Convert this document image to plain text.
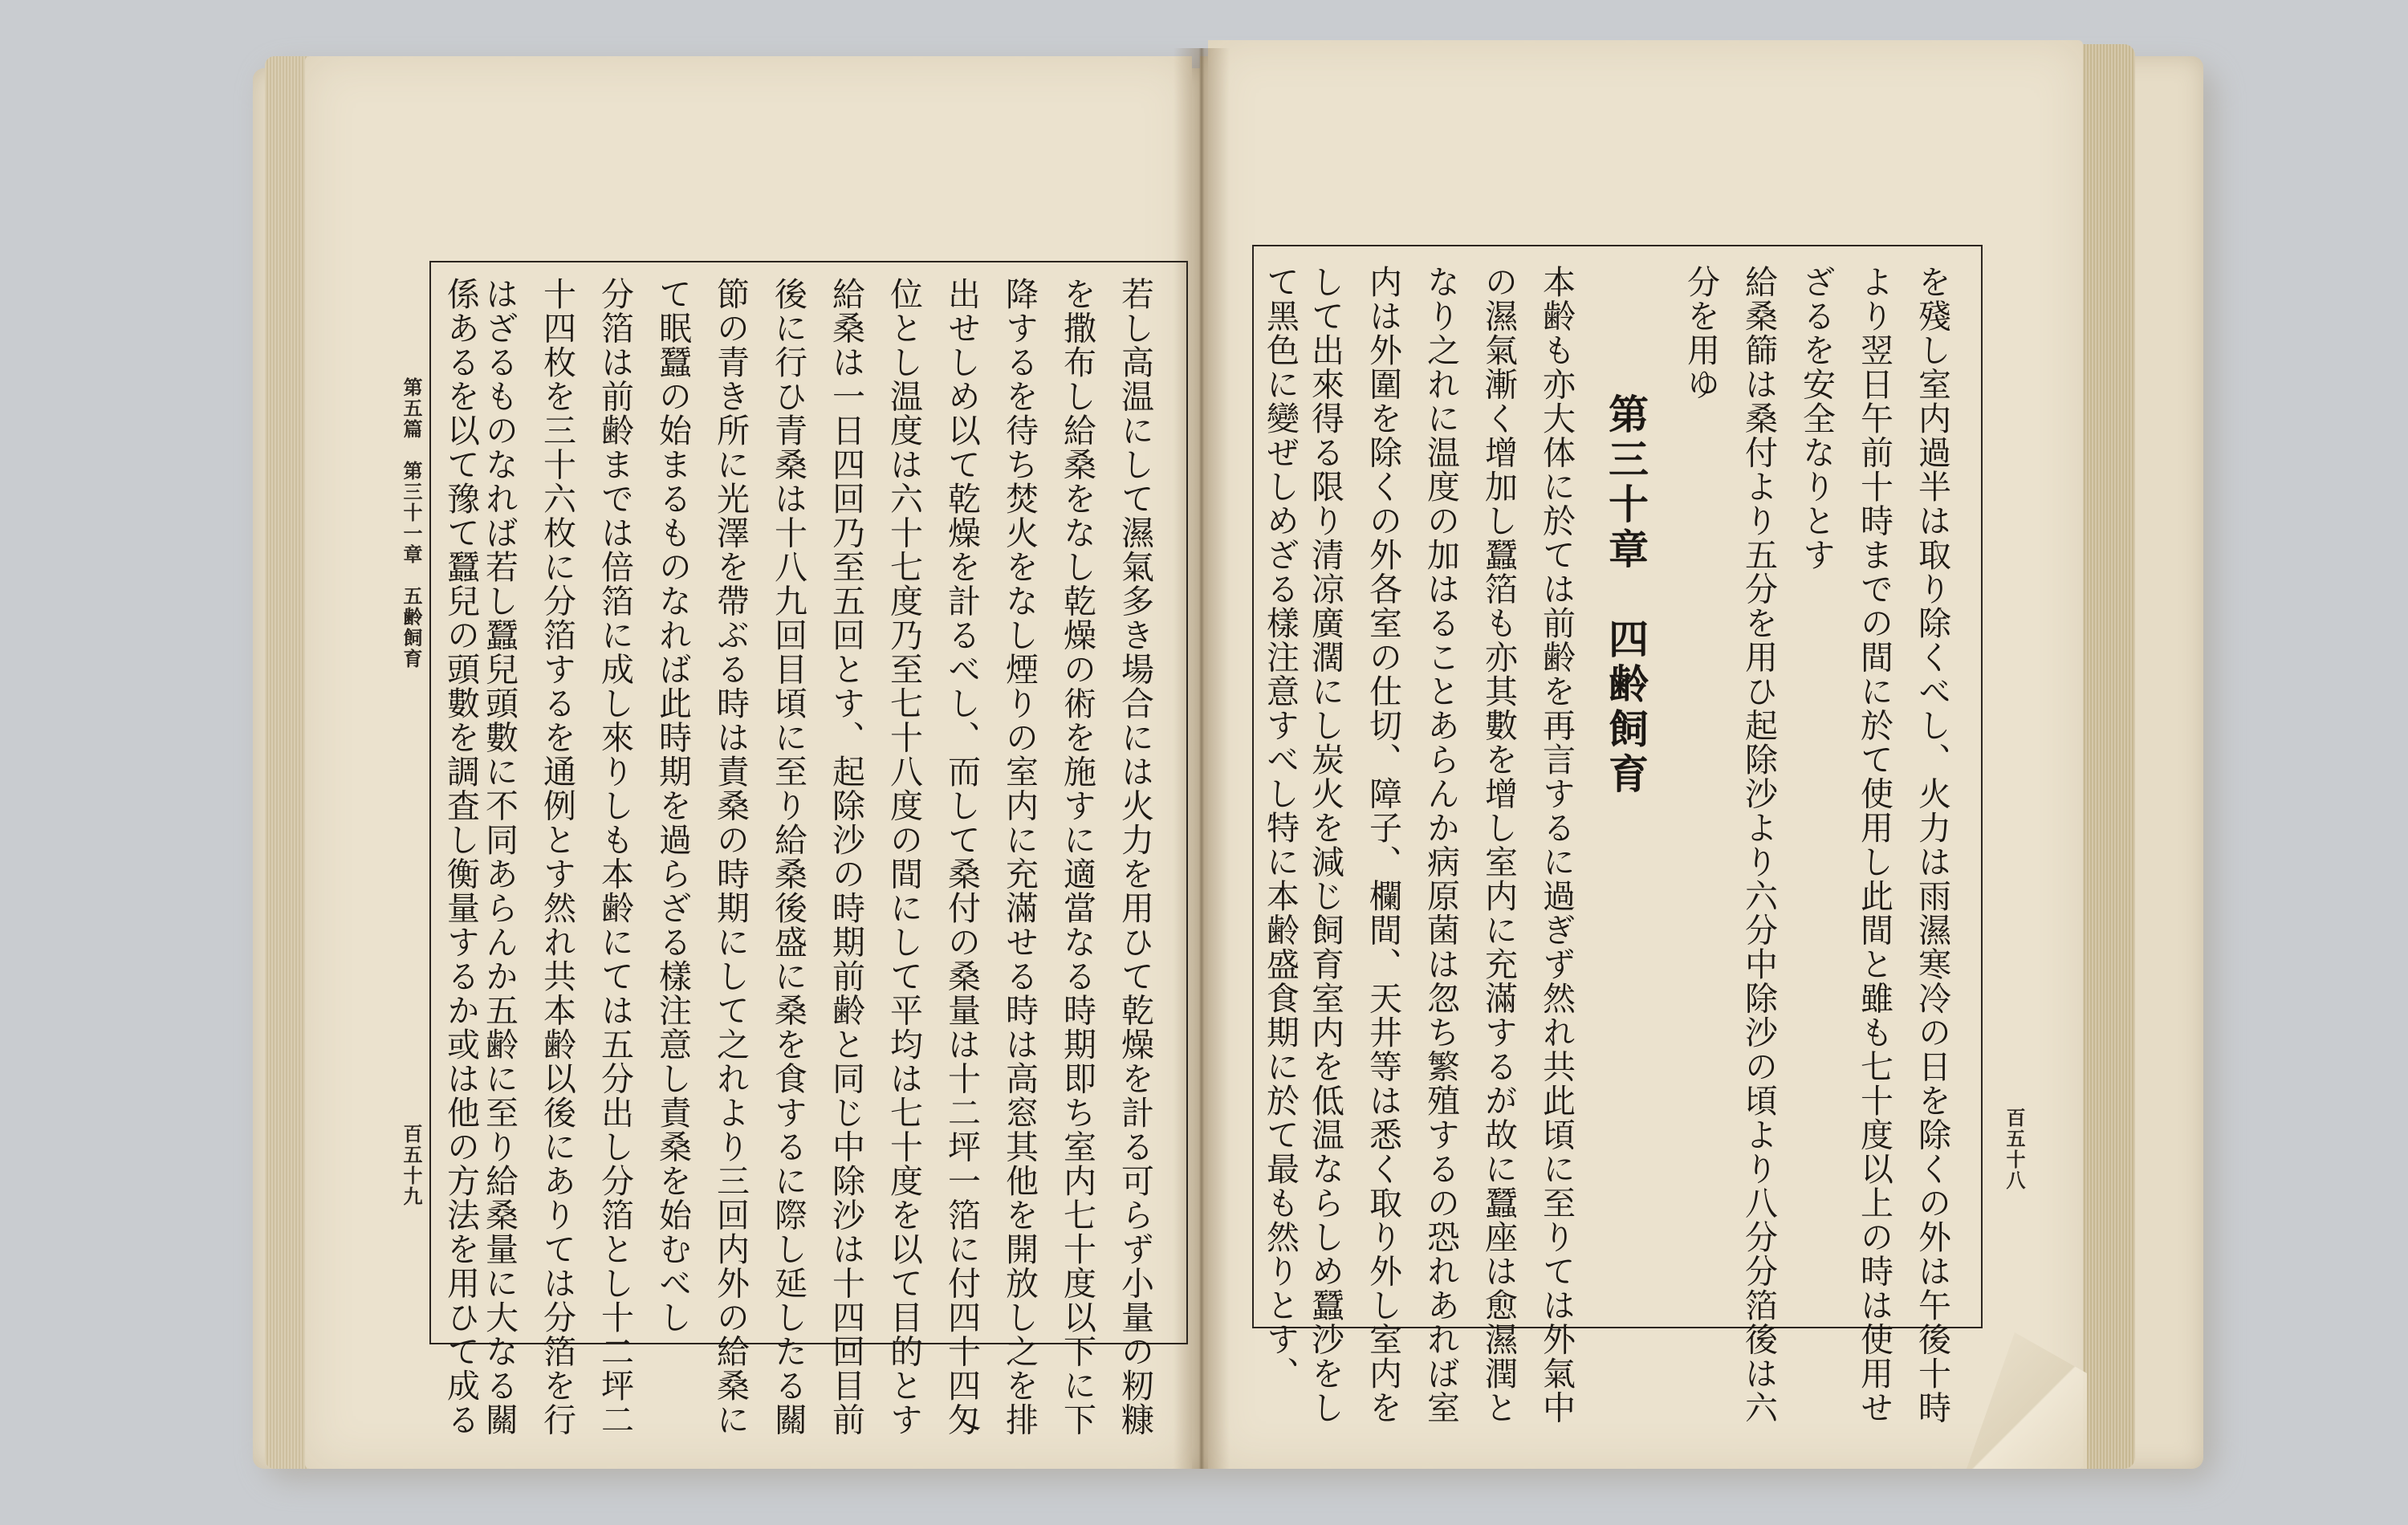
第五篇　第三十一章　五齢飼育
百五十九	百五十八
若し高温にして濕氣多き場合には火力を用ひて乾燥を計る可らず小量の籾糠
を撒布し給桑をなし乾燥の術を施すに適當なる時期即ち室内七十度以下に下
降するを待ち焚火をなし煙りの室内に充滿せる時は高窓其他を開放し之を排
出せしめ以て乾燥を計るべし、而して桑付の桑量は十二坪一箔に付四十四匁
位とし温度は六十七度乃至七十八度の間にして平均は七十度を以て目的とす
給桑は一日四回乃至五回とす、起除沙の時期前齢と同じ中除沙は十四回目前
後に行ひ青桑は十八九回目頃に至り給桑後盛に桑を食するに際し延したる關
節の青き所に光澤を帶ぶる時は責桑の時期にして之れより三回内外の給桑に
て眠蠶の始まるものなれば此時期を過らざる樣注意し責桑を始むべし
分箔は前齢までは倍箔に成し來りしも本齢にては五分出し分箔とし十二坪二
十四枚を三十六枚に分箔するを通例とす然れ共本齢以後にありては分箔を行
はざるものなれば若し蠶兒頭數に不同あらんか五齢に至り給桑量に大なる關
係あるを以て豫て蠶兒の頭數を調査し衡量するか或は他の方法を用ひて成る	を殘し室内過半は取り除くべし、火力は雨濕寒冷の日を除くの外は午後十時
より翌日午前十時までの間に於て使用し此間と雖も七十度以上の時は使用せ
ざるを安全なりとす
給桑篩は桑付より五分を用ひ起除沙より六分中除沙の頃より八分分箔後は六
分を用ゆ
第三十章　四齢飼育
本齢も亦大体に於ては前齢を再言するに過ぎず然れ共此頃に至りては外氣中
の濕氣漸く增加し蠶箔も亦其數を增し室内に充滿するが故に蠶座は愈濕潤と
なり之れに温度の加はることあらんか病原菌は忽ち繁殖するの恐れあれば室
内は外圍を除くの外各室の仕切、障子、欄間、天井等は悉く取り外し室内を
して出來得る限り清凉廣濶にし炭火を減じ飼育室内を低温ならしめ蠶沙をし
て黑色に變ぜしめざる樣注意すべし特に本齢盛食期に於て最も然りとす、
